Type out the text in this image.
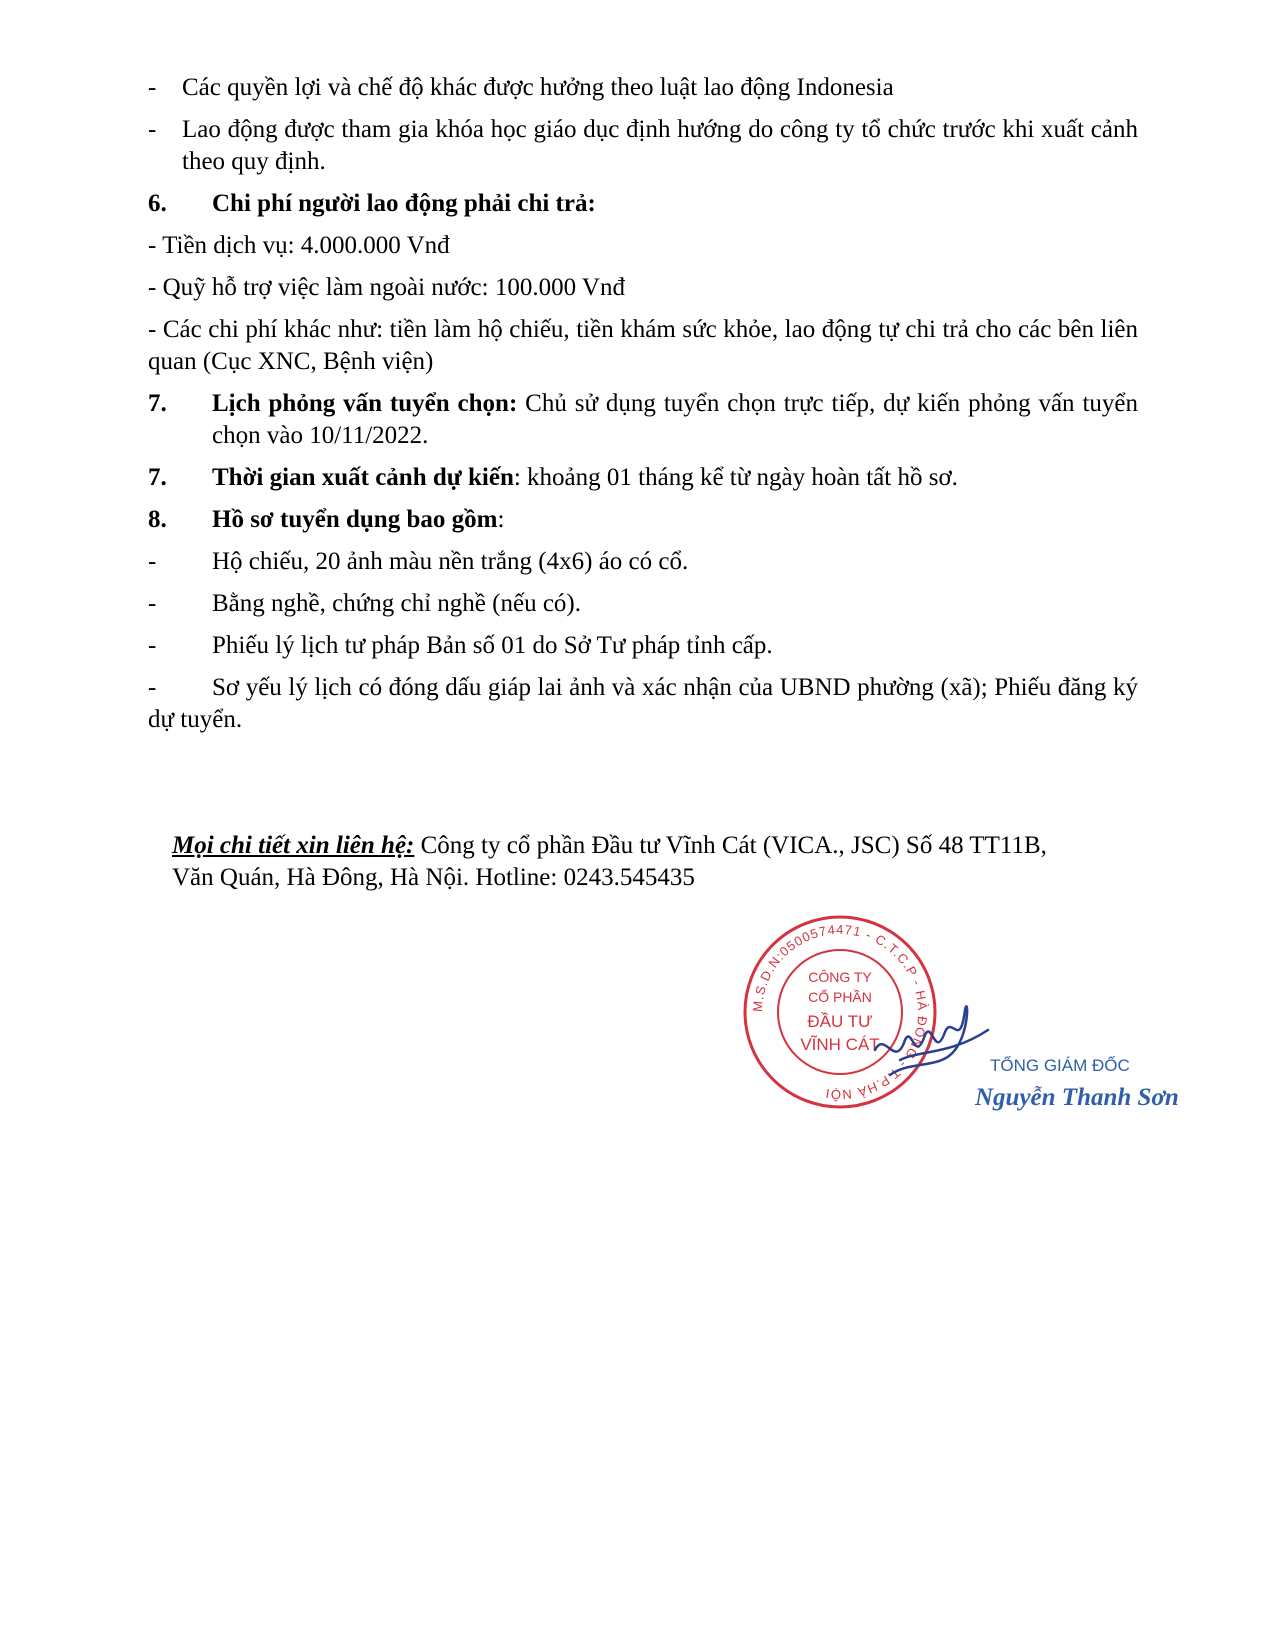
-	Các quyền lợi và chế độ khác được hưởng theo luật lao động Indonesia
-	Lao động được tham gia khóa học giáo dục định hướng do công ty tổ chức trước khi xuất cảnh theo quy định.
6.	Chi phí người lao động phải chi trả:

- Tiền dịch vụ: 4.000.000 Vnđ

- Quỹ hỗ trợ việc làm ngoài nước: 100.000 Vnđ

- Các chi phí khác như: tiền làm hộ chiếu, tiền khám sức khỏe, lao động tự chi trả cho các bên liên quan (Cục XNC, Bệnh viện)

7.	Lịch phỏng vấn tuyển chọn: Chủ sử dụng tuyển chọn trực tiếp, dự kiến phỏng vấn tuyển chọn vào 10/11/2022.
7.	Thời gian xuất cảnh dự kiến: khoảng 01 tháng kể từ ngày hoàn tất hồ sơ.
8.	Hồ sơ tuyển dụng bao gồm:
-	Hộ chiếu, 20 ảnh màu nền trắng (4x6) áo có cổ.
-	Bằng nghề, chứng chỉ nghề (nếu có).
-	Phiếu lý lịch tư pháp Bản số 01 do Sở Tư pháp tỉnh cấp.

- Sơ yếu lý lịch có đóng dấu giáp lai ảnh và xác nhận của UBND phường (xã); Phiếu đăng ký dự tuyển.

Mọi chi tiết xin liên hệ: Công ty cổ phần Đầu tư Vĩnh Cát (VICA., JSC) Số 48 TT11B, Văn Quán, Hà Đông, Hà Nội. Hotline: 0243.545435

M.S.D.N:0500574471 - C.T.C.P - HÀ ĐÔNG - T.P.HÀ NỘI
CÔNG TY
CỔ PHẦN
ĐẦU TƯ
VĨNH CÁT
TỔNG GIÁM ĐỐC
Nguyễn Thanh Sơn
